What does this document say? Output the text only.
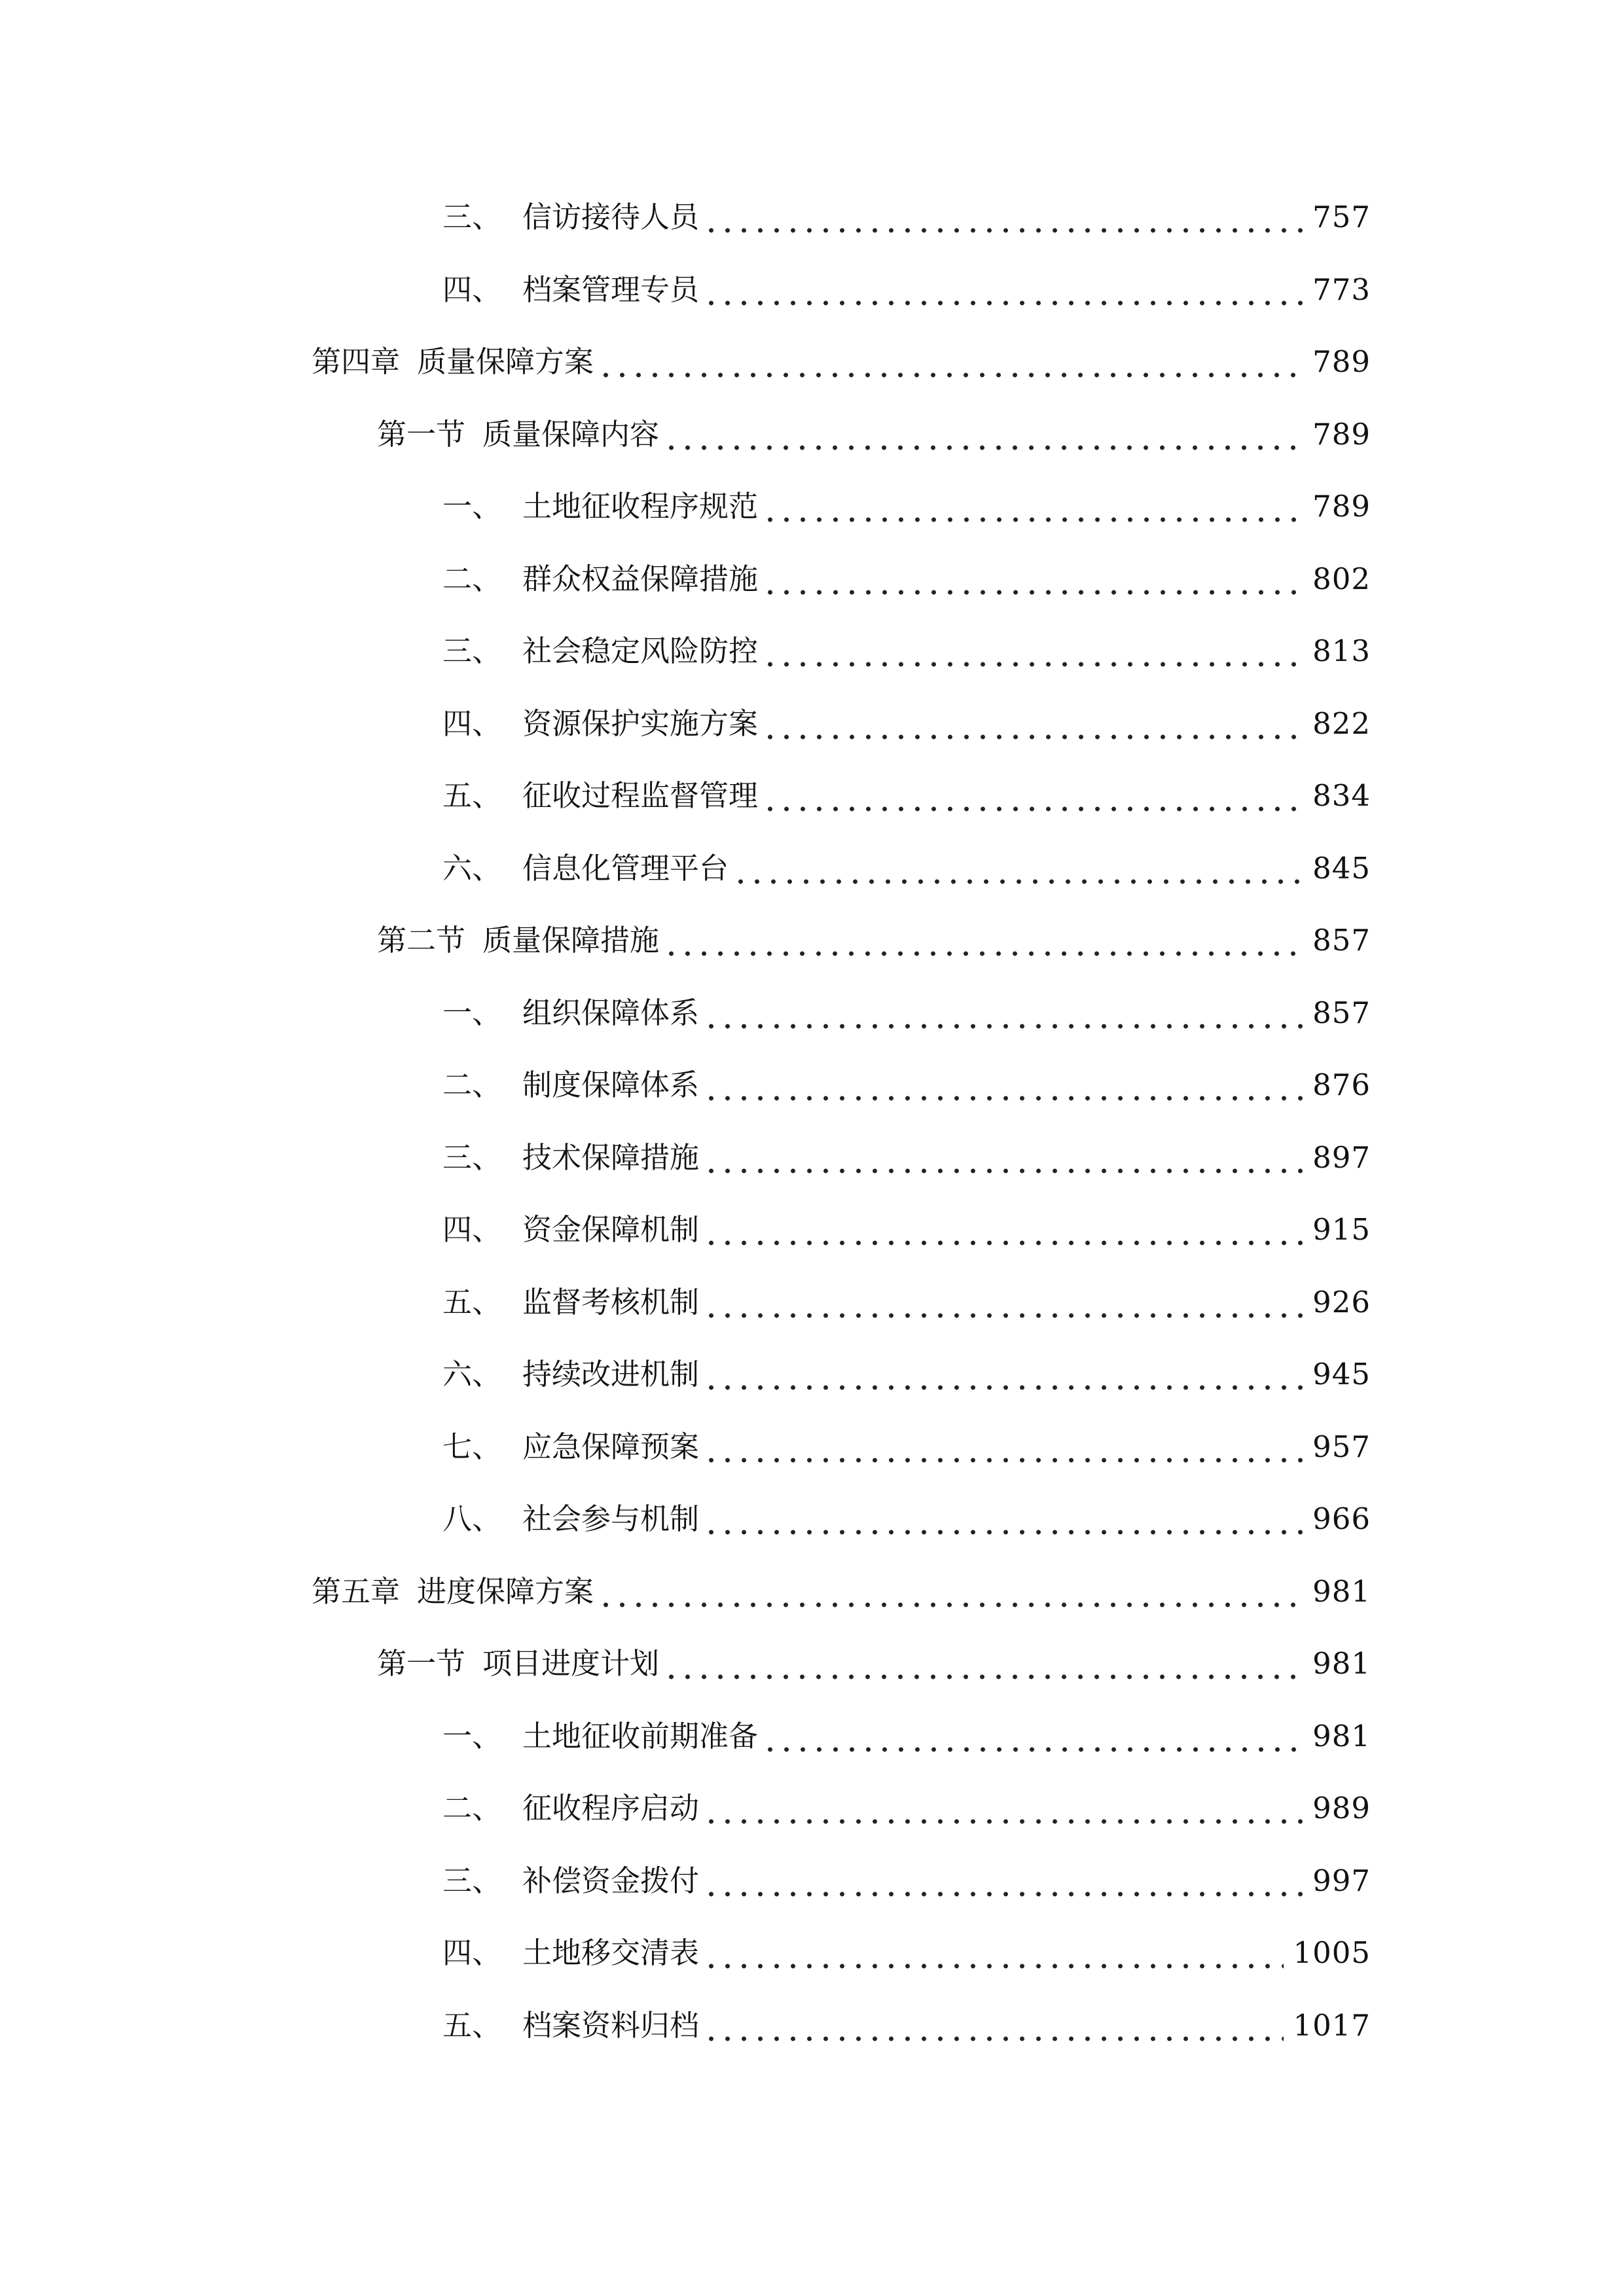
三、 信访接待人员	757
四、 档案管理专员	773
第四章 质量保障方案	789
第一节 质量保障内容	789
一、 土地征收程序规范	789
二、 群众权益保障措施	802
三、 社会稳定风险防控	813
四、 资源保护实施方案	822
五、 征收过程监督管理	834
六、 信息化管理平台	845
第二节 质量保障措施	857
一、 组织保障体系	857
二、 制度保障体系	876
三、 技术保障措施	897
四、 资金保障机制	915
五、 监督考核机制	926
六、 持续改进机制	945
七、 应急保障预案	957
八、 社会参与机制	966
第五章 进度保障方案	981
第一节 项目进度计划	981
一、 土地征收前期准备	981
二、 征收程序启动	989
三、 补偿资金拨付	997
四、 土地移交清表	1005
五、 档案资料归档	1017
